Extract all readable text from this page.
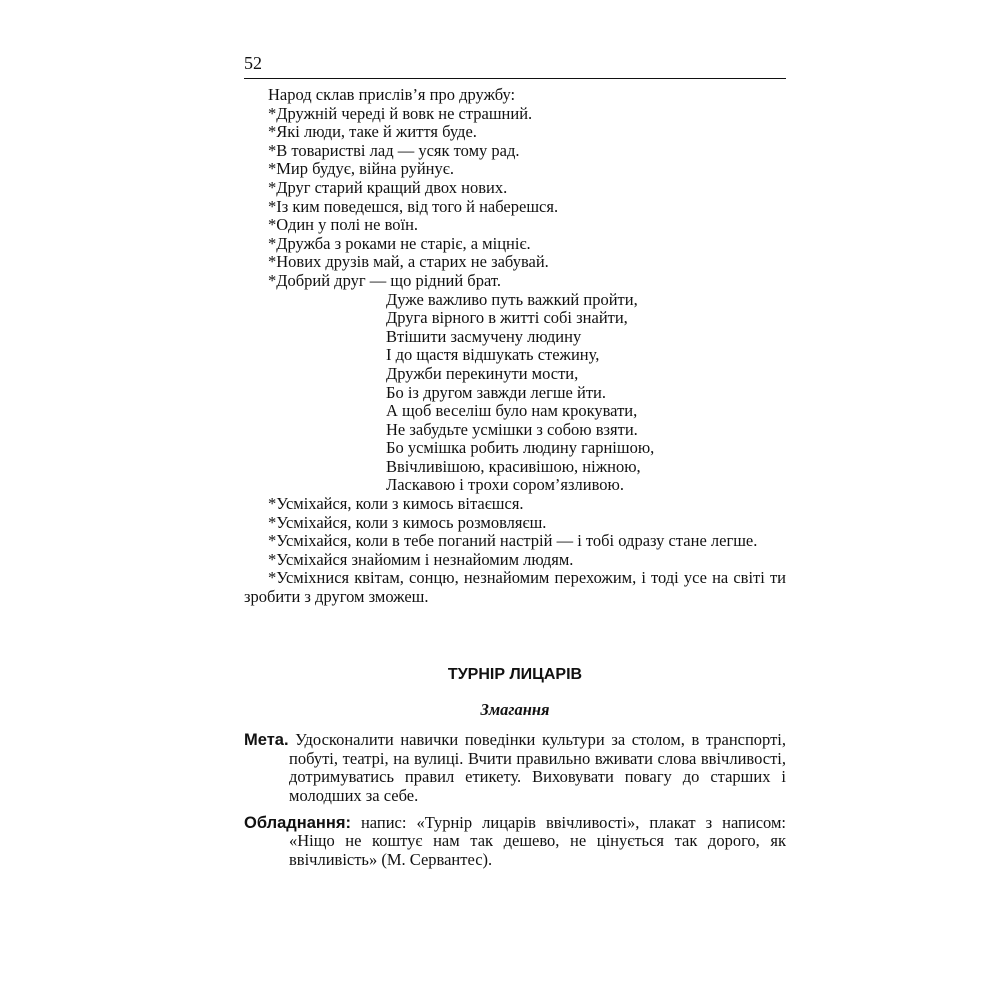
52

Народ склав прислів’я про дружбу:

*Дружній череді й вовк не страшний.

*Які люди, таке й життя буде.

*В товаристві лад — усяк тому рад.

*Мир будує, війна руйнує.

*Друг старий кращий двох нових.

*Із ким поведешся, від того й наберешся.

*Один у полі не воїн.

*Дружба з роками не старіє, а міцніє.

*Нових друзів май, а старих не забувай.

*Добрий друг — що рідний брат.

Дуже важливо путь важкий пройти,
Друга вірного в житті собі знайти,
Втішити засмучену людину
І до щастя відшукать стежину,
Дружби перекинути мости,
Бо із другом завжди легше йти.
А щоб веселіш було нам крокувати,
Не забудьте усмішки з собою взяти.
Бо усмішка робить людину гарнішою,
Ввічливішою, красивішою, ніжною,
Ласкавою і трохи сором’язливою.

*Усміхайся, коли з кимось вітаєшся.

*Усміхайся, коли з кимось розмовляєш.

*Усміхайся, коли в тебе поганий настрій — і тобі одразу стане легше.

*Усміхайся знайомим і незнайомим людям.

*Усміхнися квітам, сонцю, незнайомим перехожим, і тоді усе на світі ти зробити з другом зможеш.

ТУРНІР ЛИЦАРІВ

Змагання

Мета. Удосконалити навички поведінки культури за столом, в транспорті, побуті, театрі, на вулиці. Вчити правильно вживати слова ввічливості, дотримуватись правил етикету. Виховувати повагу до старших і молодших за себе.

Обладнання: напис: «Турнір лицарів ввічливості», плакат з написом: «Ніщо не коштує нам так дешево, не цінується так дорого, як ввічливість» (М. Сервантес).
